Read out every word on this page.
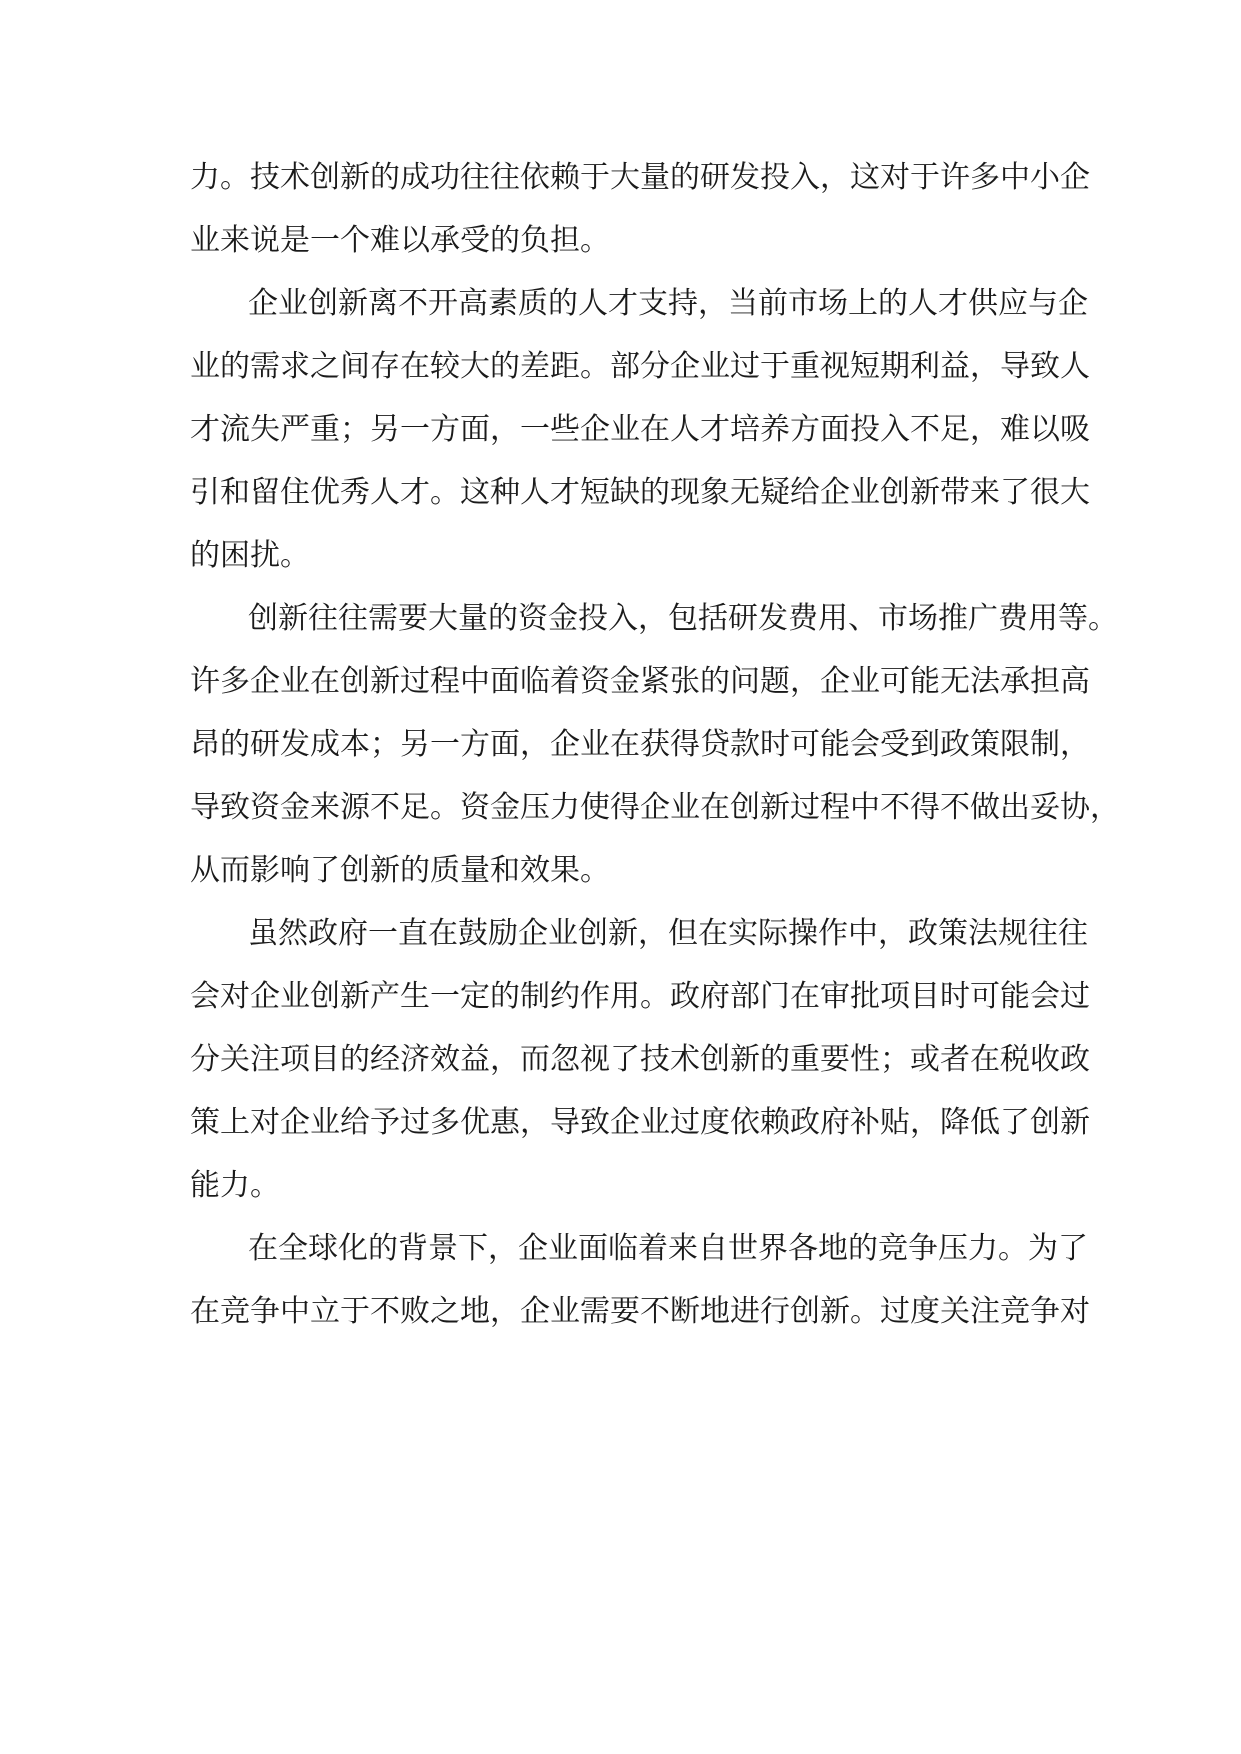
力。技术创新的成功往往依赖于大量的研发投入，这对于许多中小企
业来说是一个难以承受的负担。
企业创新离不开高素质的人才支持，当前市场上的人才供应与企
业的需求之间存在较大的差距。部分企业过于重视短期利益，导致人
才流失严重；另一方面，一些企业在人才培养方面投入不足，难以吸
引和留住优秀人才。这种人才短缺的现象无疑给企业创新带来了很大
的困扰。
创新往往需要大量的资金投入，包括研发费用、市场推广费用等。
许多企业在创新过程中面临着资金紧张的问题，企业可能无法承担高
昂的研发成本；另一方面，企业在获得贷款时可能会受到政策限制，
导致资金来源不足。资金压力使得企业在创新过程中不得不做出妥协，
从而影响了创新的质量和效果。
虽然政府一直在鼓励企业创新，但在实际操作中，政策法规往往
会对企业创新产生一定的制约作用。政府部门在审批项目时可能会过
分关注项目的经济效益，而忽视了技术创新的重要性；或者在税收政
策上对企业给予过多优惠，导致企业过度依赖政府补贴，降低了创新
能力。
在全球化的背景下，企业面临着来自世界各地的竞争压力。为了
在竞争中立于不败之地，企业需要不断地进行创新。过度关注竞争对
